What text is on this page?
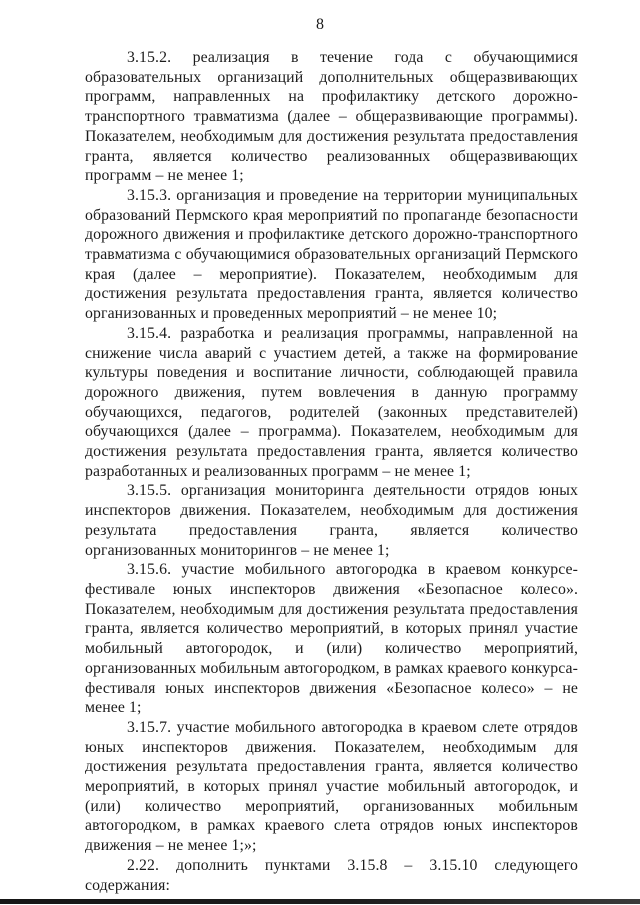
8

3.15.2. реализация в течение года с обучающимися образовательных организаций дополнительных общеразвивающих программ, направленных на профилактику детского дорожно-транспортного травматизма (далее – общеразвивающие программы). Показателем, необходимым для достижения результата предоставления гранта, является количество реализованных общеразвивающих программ – не менее 1;

3.15.3. организация и проведение на территории муниципальных образований Пермского края мероприятий по пропаганде безопасности дорожного движения и профилактике детского дорожно-транспортного травматизма с обучающимися образовательных организаций Пермского края (далее – мероприятие). Показателем, необходимым для достижения результата предоставления гранта, является количество организованных и проведенных мероприятий – не менее 10;

3.15.4. разработка и реализация программы, направленной на снижение числа аварий с участием детей, а также на формирование культуры поведения и воспитание личности, соблюдающей правила дорожного движения, путем вовлечения в данную программу обучающихся, педагогов, родителей (законных представителей) обучающихся (далее – программа). Показателем, необходимым для достижения результата предоставления гранта, является количество разработанных и реализованных программ – не менее 1;

3.15.5. организация мониторинга деятельности отрядов юных инспекторов движения. Показателем, необходимым для достижения результата предоставления гранта, является количество организованных мониторингов – не менее 1;

3.15.6. участие мобильного автогородка в краевом конкурсе-фестивале юных инспекторов движения «Безопасное колесо». Показателем, необходимым для достижения результата предоставления гранта, является количество мероприятий, в которых принял участие мобильный автогородок, и (или) количество мероприятий, организованных мобильным автогородком, в рамках краевого конкурса-фестиваля юных инспекторов движения «Безопасное колесо» – не менее 1;

3.15.7. участие мобильного автогородка в краевом слете отрядов юных инспекторов движения. Показателем, необходимым для достижения результата предоставления гранта, является количество мероприятий, в которых принял участие мобильный автогородок, и (или) количество мероприятий, организованных мобильным автогородком, в рамках краевого слета отрядов юных инспекторов движения – не менее 1;»;

2.22. дополнить пунктами 3.15.8 – 3.15.10 следующего содержания:
